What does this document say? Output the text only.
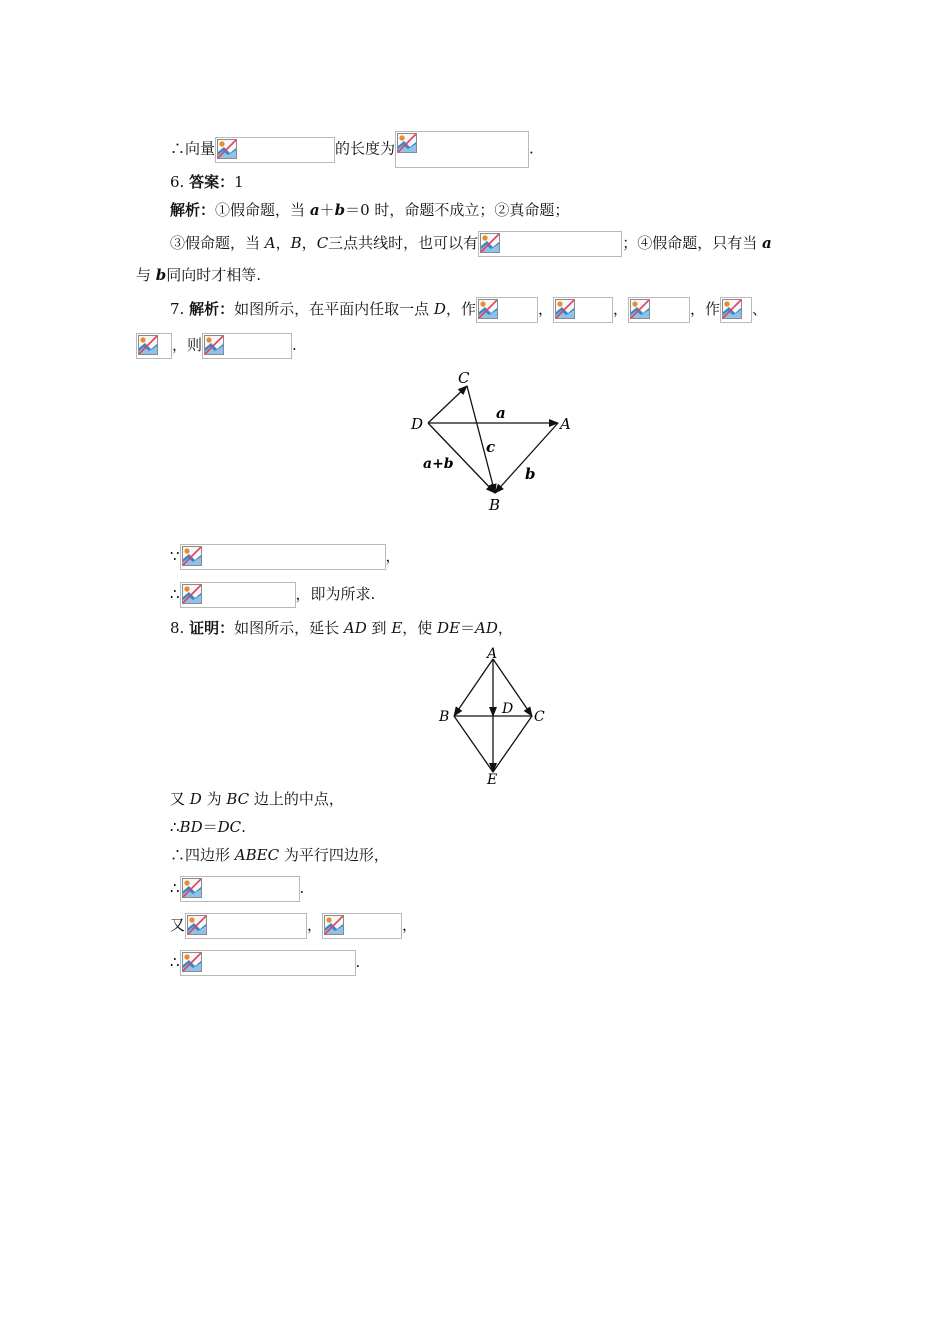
∴向量	的长度为	.
6. 答案：1
解析：①假命题，当 a＋b＝0 时，命题不成立；②真命题；
③假命题，当 A，B，C三点共线时，也可以有	；④假命题，只有当 a
与 b同向时才相等.
7. 解析：如图所示，在平面内任取一点 D，作	，	，	，作 、
，则	.
C
D	A
B
a
c
b
a+b
∵	，
∴	，即为所求.
8. 证明：如图所示，延长 AD 到 E，使 DE＝AD，
A
B	D C
E
又 D 为 BC 边上的中点，
∴BD＝DC.
∴四边形 ABEC 为平行四边形，
∴	.
又	，	，
∴	.
